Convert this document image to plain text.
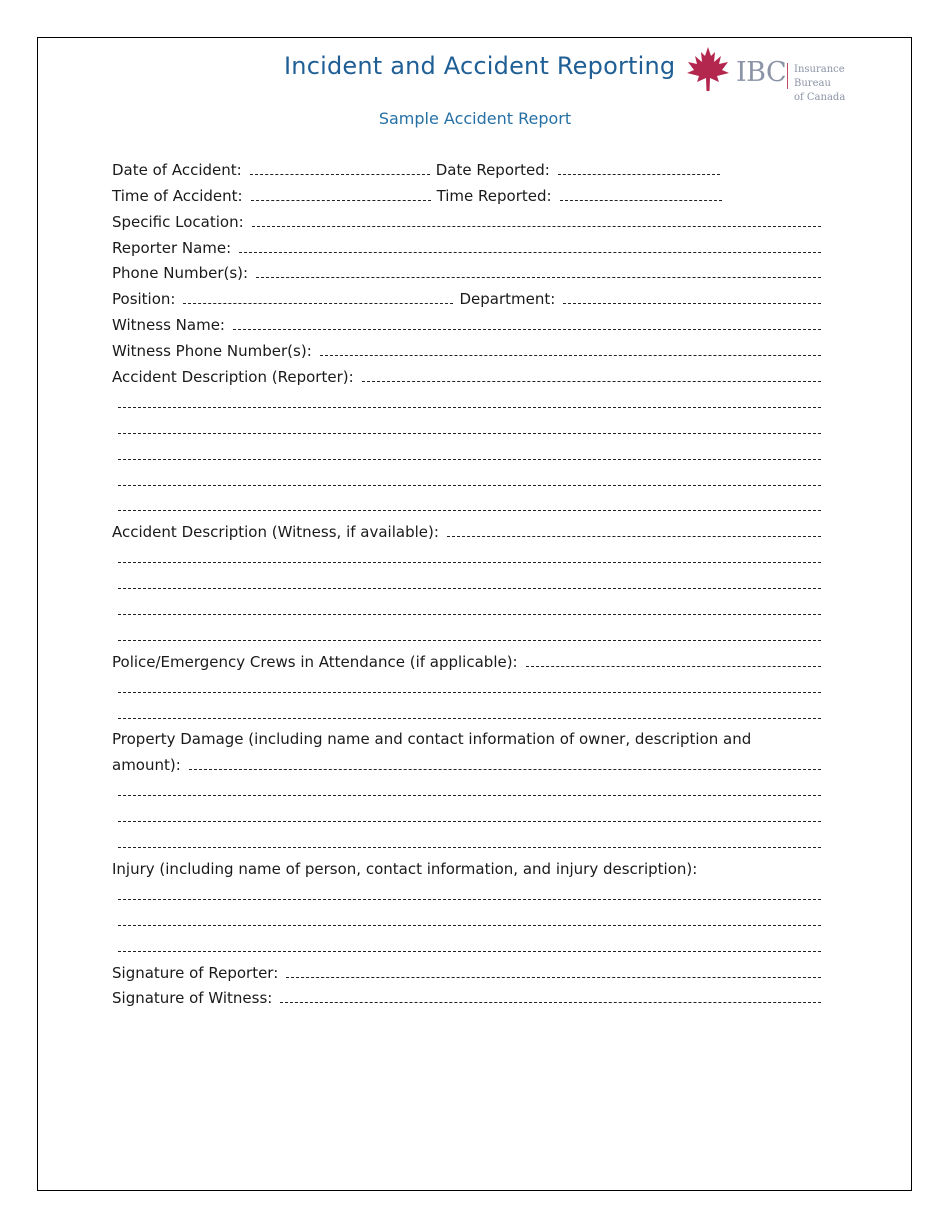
Incident and Accident Reporting IBC Insurance Bureau
of Canada
Sample Accident Report
Date of Accident:	Date Reported:
Time of Accident:	Time Reported:
Specific Location:
Reporter Name:
Phone Number(s):
Position:	Department:
Witness Name:
Witness Phone Number(s):
Accident Description (Reporter):
Accident Description (Witness, if available):
Police/Emergency Crews in Attendance (if applicable):
Property Damage (including name and contact information of owner, description and
amount):
Injury (including name of person, contact information, and injury description):
Signature of Reporter:
Signature of Witness:
